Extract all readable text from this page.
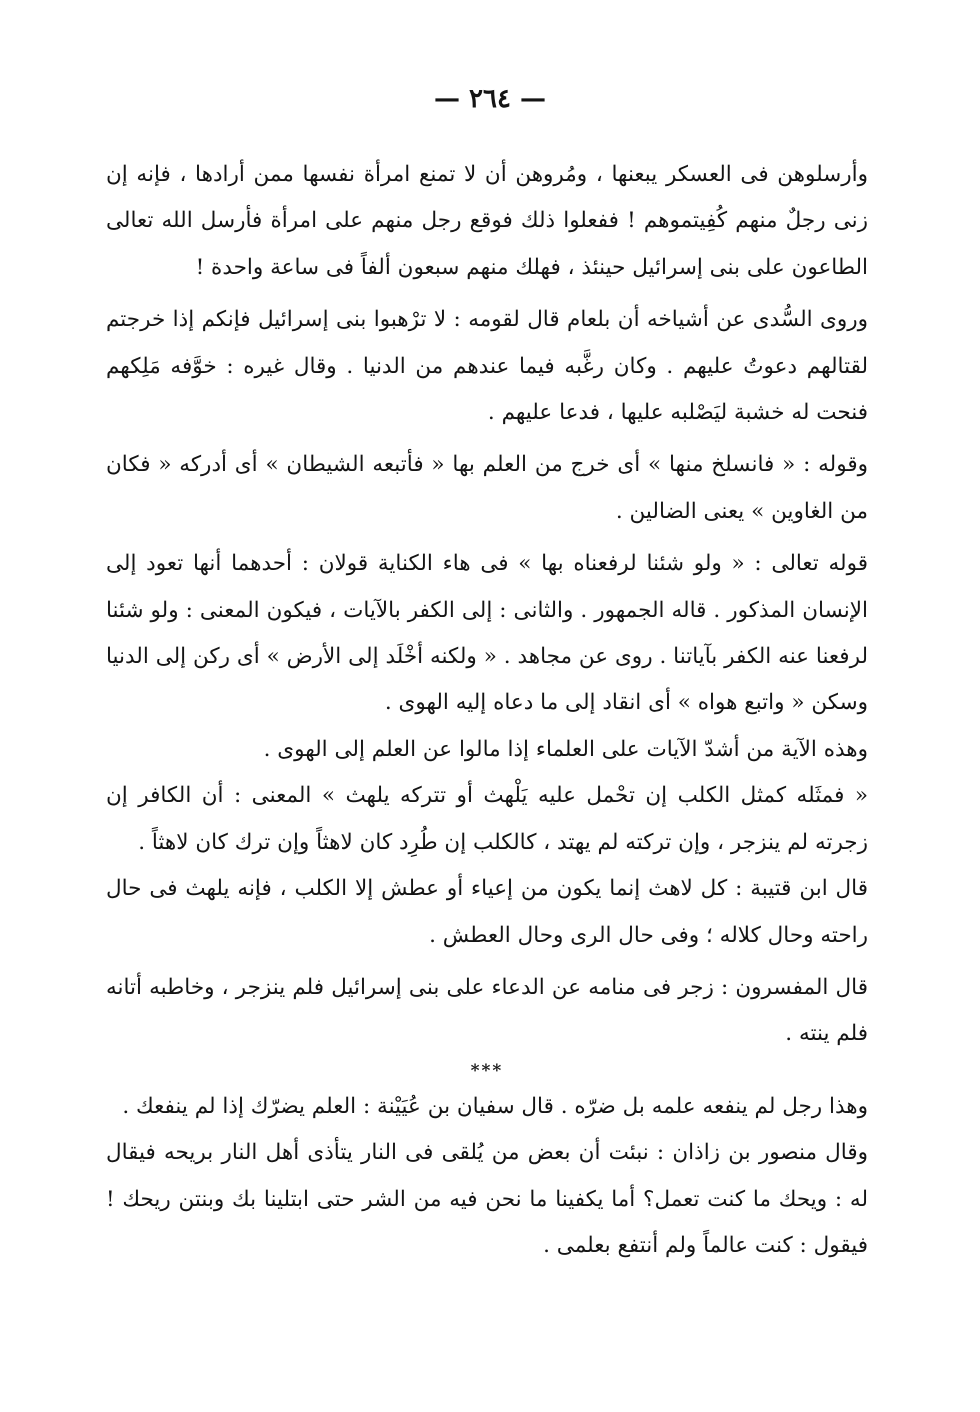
— ٢٦٤ —

وأرسلوهن فى العسكر يبعنها ، ومُروهن أن لا تمنع امرأة نفسها ممن أرادها ، فإنه إن زنى رجلٌ منهم كُفِيتموهم ! ففعلوا ذلك فوقع رجل منهم على امرأة فأرسل الله تعالى الطاعون على بنى إسرائيل حينئذ ، فهلك منهم سبعون ألفاً فى ساعة واحدة !

وروى السُّدى عن أشياخه أن بلعام قال لقومه : لا ترْهبوا بنى إسرائيل فإنكم إذا خرجتم لقتالهم دعوتُ عليهم . وكان رغَّبه فيما عندهم من الدنيا . وقال غيره : خوَّفه مَلِكهم فنحت له خشبة ليَصْلبه عليها ، فدعا عليهم .

وقوله : « فانسلخ منها » أى خرج من العلم بها « فأتبعه الشيطان » أى أدركه « فكان من الغاوين » يعنى الضالين .

قوله تعالى : « ولو شئنا لرفعناه بها » فى هاء الكناية قولان : أحدهما أنها تعود إلى الإنسان المذكور . قاله الجمهور . والثانى : إلى الكفر بالآيات ، فيكون المعنى : ولو شئنا لرفعنا عنه الكفر بآياتنا . روى عن مجاهد . « ولكنه أخْلَد إلى الأرض » أى ركن إلى الدنيا وسكن « واتبع هواه » أى انقاد إلى ما دعاه إليه الهوى .

وهذه الآية من أشدّ الآيات على العلماء إذا مالوا عن العلم إلى الهوى .

« فمثَله كمثل الكلب إن تحْمل عليه يَلْهث أو تتركه يلهث » المعنى : أن الكافر إن زجرته لم ينزجر ، وإن تركته لم يهتد ، كالكلب إن طُرِد كان لاهثاً وإن ترك كان لاهثاً .

قال ابن قتيبة : كل لاهث إنما يكون من إعياء أو عطش إلا الكلب ، فإنه يلهث فى حال راحته وحال كلاله ؛ وفى حال الرى وحال العطش .

قال المفسرون : زجر فى منامه عن الدعاء على بنى إسرائيل فلم ينزجر ، وخاطبه أتانه فلم ينته .

***

وهذا رجل لم ينفعه علمه بل ضرّه . قال سفيان بن عُيَيْنة : العلم يضرّك إذا لم ينفعك .

وقال منصور بن زاذان : نبئت أن بعض من يُلقى فى النار يتأذى أهل النار بريحه فيقال له : ويحك ما كنت تعمل؟ أما يكفينا ما نحن فيه من الشر حتى ابتلينا بك وبنتن ريحك ! فيقول : كنت عالماً ولم أنتفع بعلمى .
